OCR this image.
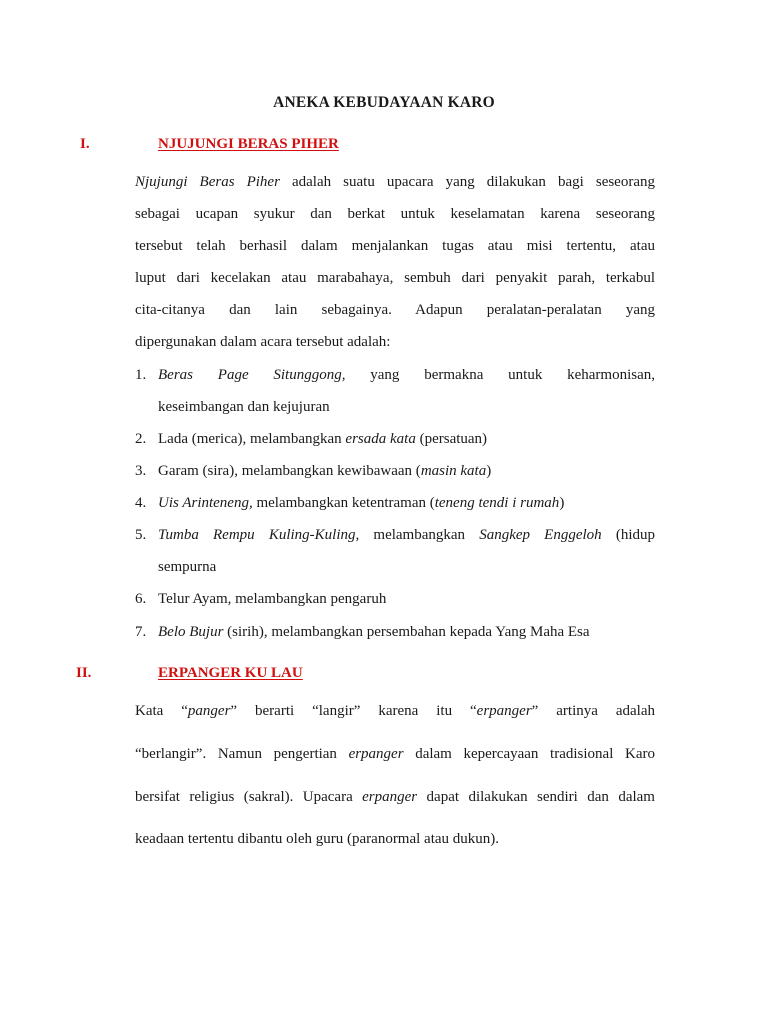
ANEKA KEBUDAYAAN KARO
I.	NJUJUNGI BERAS PIHER
Njujungi Beras Piher adalah suatu upacara yang dilakukan bagi seseorang
sebagai ucapan syukur dan berkat untuk keselamatan karena seseorang
tersebut telah berhasil dalam menjalankan tugas atau misi tertentu, atau
luput dari kecelakan atau marabahaya, sembuh dari penyakit parah, terkabul
cita-citanya dan lain sebagainya. Adapun peralatan-peralatan yang
dipergunakan dalam acara tersebut adalah:
1. Beras Page Situnggong, yang bermakna untuk keharmonisan,
keseimbangan dan kejujuran
2. Lada (merica), melambangkan ersada kata (persatuan)
3. Garam (sira), melambangkan kewibawaan (masin kata)
4. Uis Arinteneng, melambangkan ketentraman (teneng tendi i rumah)
5. Tumba Rempu Kuling-Kuling, melambangkan Sangkep Enggeloh (hidup
sempurna
6. Telur Ayam, melambangkan pengaruh
7. Belo Bujur (sirih), melambangkan persembahan kepada Yang Maha Esa
II.	ERPANGER KU LAU
Kata “panger” berarti “langir” karena itu “erpanger” artinya adalah
“berlangir”. Namun pengertian erpanger dalam kepercayaan tradisional Karo
bersifat religius (sakral). Upacara erpanger dapat dilakukan sendiri dan dalam
keadaan tertentu dibantu oleh guru (paranormal atau dukun).
